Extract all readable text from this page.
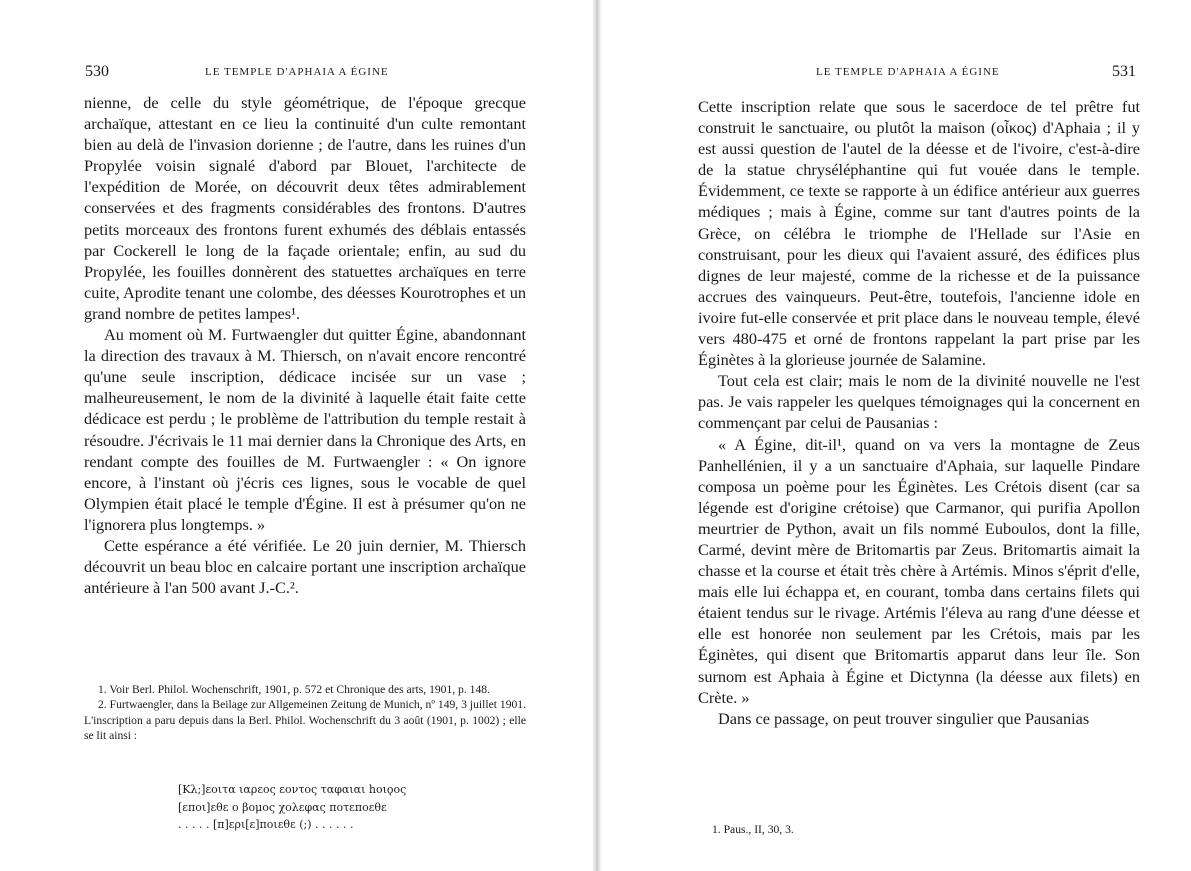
530	LE TEMPLE D'APHAIA A ÉGINE

nienne, de celle du style géométrique, de l'époque grecque archaïque, attestant en ce lieu la continuité d'un culte remontant bien au delà de l'invasion dorienne ; de l'autre, dans les ruines d'un Propylée voisin signalé d'abord par Blouet, l'architecte de l'expédition de Morée, on découvrit deux têtes admirablement conservées et des fragments considérables des frontons. D'autres petits morceaux des frontons furent exhumés des déblais entassés par Cockerell le long de la façade orientale; enfin, au sud du Propylée, les fouilles donnèrent des statuettes archaïques en terre cuite, Aprodite tenant une colombe, des déesses Kourotrophes et un grand nombre de petites lampes¹.

Au moment où M. Furtwaengler dut quitter Égine, abandonnant la direction des travaux à M. Thiersch, on n'avait encore rencontré qu'une seule inscription, dédicace incisée sur un vase ; malheureusement, le nom de la divinité à laquelle était faite cette dédicace est perdu ; le problème de l'attribution du temple restait à résoudre. J'écrivais le 11 mai dernier dans la Chronique des Arts, en rendant compte des fouilles de M. Furtwaengler : « On ignore encore, à l'instant où j'écris ces lignes, sous le vocable de quel Olympien était placé le temple d'Égine. Il est à présumer qu'on ne l'ignorera plus longtemps. »

Cette espérance a été vérifiée. Le 20 juin dernier, M. Thiersch découvrit un beau bloc en calcaire portant une inscription archaïque antérieure à l'an 500 avant J.-C.².

1. Voir Berl. Philol. Wochenschrift, 1901, p. 572 et Chronique des arts, 1901, p. 148.

2. Furtwaengler, dans la Beilage zur Allgemeinen Zeitung de Munich, nº 149, 3 juillet 1901. L'inscription a paru depuis dans la Berl. Philol. Wochenschrift du 3 août (1901, p. 1002) ; elle se lit ainsi :

[Κλ;]εοιτα ιαρεος εοντος ταφαιαι hοιϙος
[εποι]εθε ο βομος χολεφας ποτεποεθε
. . . . . [π]ερι[ε]ποιεθε (;) . . . . . .
LE TEMPLE D'APHAIA A ÉGINE	531

Cette inscription relate que sous le sacerdoce de tel prêtre fut construit le sanctuaire, ou plutôt la maison (οἶκος) d'Aphaia ; il y est aussi question de l'autel de la déesse et de l'ivoire, c'est-à-dire de la statue chryséléphantine qui fut vouée dans le temple. Évidemment, ce texte se rapporte à un édifice antérieur aux guerres médiques ; mais à Égine, comme sur tant d'autres points de la Grèce, on célébra le triomphe de l'Hellade sur l'Asie en construisant, pour les dieux qui l'avaient assuré, des édifices plus dignes de leur majesté, comme de la richesse et de la puissance accrues des vainqueurs. Peut-être, toutefois, l'ancienne idole en ivoire fut-elle conservée et prit place dans le nouveau temple, élevé vers 480-475 et orné de frontons rappelant la part prise par les Éginètes à la glorieuse journée de Salamine.

Tout cela est clair; mais le nom de la divinité nouvelle ne l'est pas. Je vais rappeler les quelques témoignages qui la concernent en commençant par celui de Pausanias :

« A Égine, dit-il¹, quand on va vers la montagne de Zeus Panhellénien, il y a un sanctuaire d'Aphaia, sur laquelle Pindare composa un poème pour les Éginètes. Les Crétois disent (car sa légende est d'origine crétoise) que Carmanor, qui purifia Apollon meurtrier de Python, avait un fils nommé Euboulos, dont la fille, Carmé, devint mère de Britomartis par Zeus. Britomartis aimait la chasse et la course et était très chère à Artémis. Minos s'éprit d'elle, mais elle lui échappa et, en courant, tomba dans certains filets qui étaient tendus sur le rivage. Artémis l'éleva au rang d'une déesse et elle est honorée non seulement par les Crétois, mais par les Éginètes, qui disent que Britomartis apparut dans leur île. Son surnom est Aphaia à Égine et Dictynna (la déesse aux filets) en Crète. »

Dans ce passage, on peut trouver singulier que Pausanias

1. Paus., II, 30, 3.
